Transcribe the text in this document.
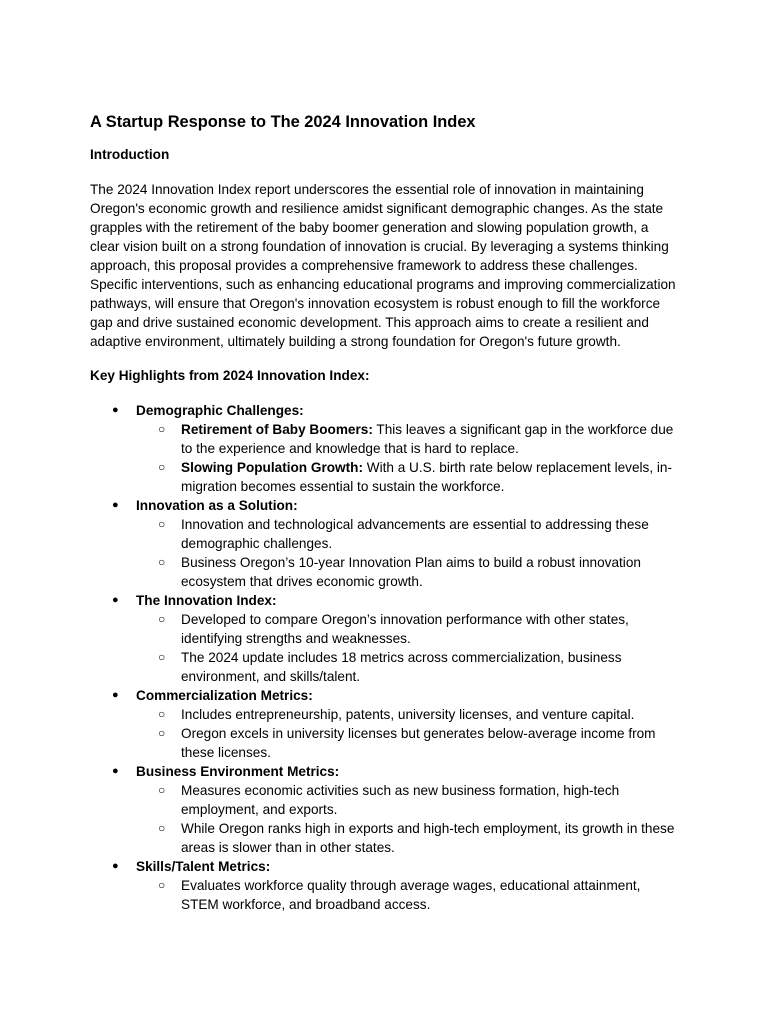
A Startup Response to The 2024 Innovation Index
Introduction

The 2024 Innovation Index report underscores the essential role of innovation in maintaining Oregon's economic growth and resilience amidst significant demographic changes. As the state grapples with the retirement of the baby boomer generation and slowing population growth, a clear vision built on a strong foundation of innovation is crucial. By leveraging a systems thinking approach, this proposal provides a comprehensive framework to address these challenges. Specific interventions, such as enhancing educational programs and improving commercialization pathways, will ensure that Oregon's innovation ecosystem is robust enough to fill the workforce gap and drive sustained economic development. This approach aims to create a resilient and adaptive environment, ultimately building a strong foundation for Oregon's future growth.

Key Highlights from 2024 Innovation Index:
● Demographic Challenges:
○ Retirement of Baby Boomers: This leaves a significant gap in the workforce due to the experience and knowledge that is hard to replace.
○ Slowing Population Growth: With a U.S. birth rate below replacement levels, in-migration becomes essential to sustain the workforce.
● Innovation as a Solution:
○ Innovation and technological advancements are essential to addressing these demographic challenges.
○ Business Oregon’s 10-year Innovation Plan aims to build a robust innovation ecosystem that drives economic growth.
● The Innovation Index:
○ Developed to compare Oregon’s innovation performance with other states, identifying strengths and weaknesses.
○ The 2024 update includes 18 metrics across commercialization, business environment, and skills/talent.
● Commercialization Metrics:
○ Includes entrepreneurship, patents, university licenses, and venture capital.
○ Oregon excels in university licenses but generates below-average income from these licenses.
● Business Environment Metrics:
○ Measures economic activities such as new business formation, high-tech employment, and exports.
○ While Oregon ranks high in exports and high-tech employment, its growth in these areas is slower than in other states.
● Skills/Talent Metrics:
○ Evaluates workforce quality through average wages, educational attainment, STEM workforce, and broadband access.
